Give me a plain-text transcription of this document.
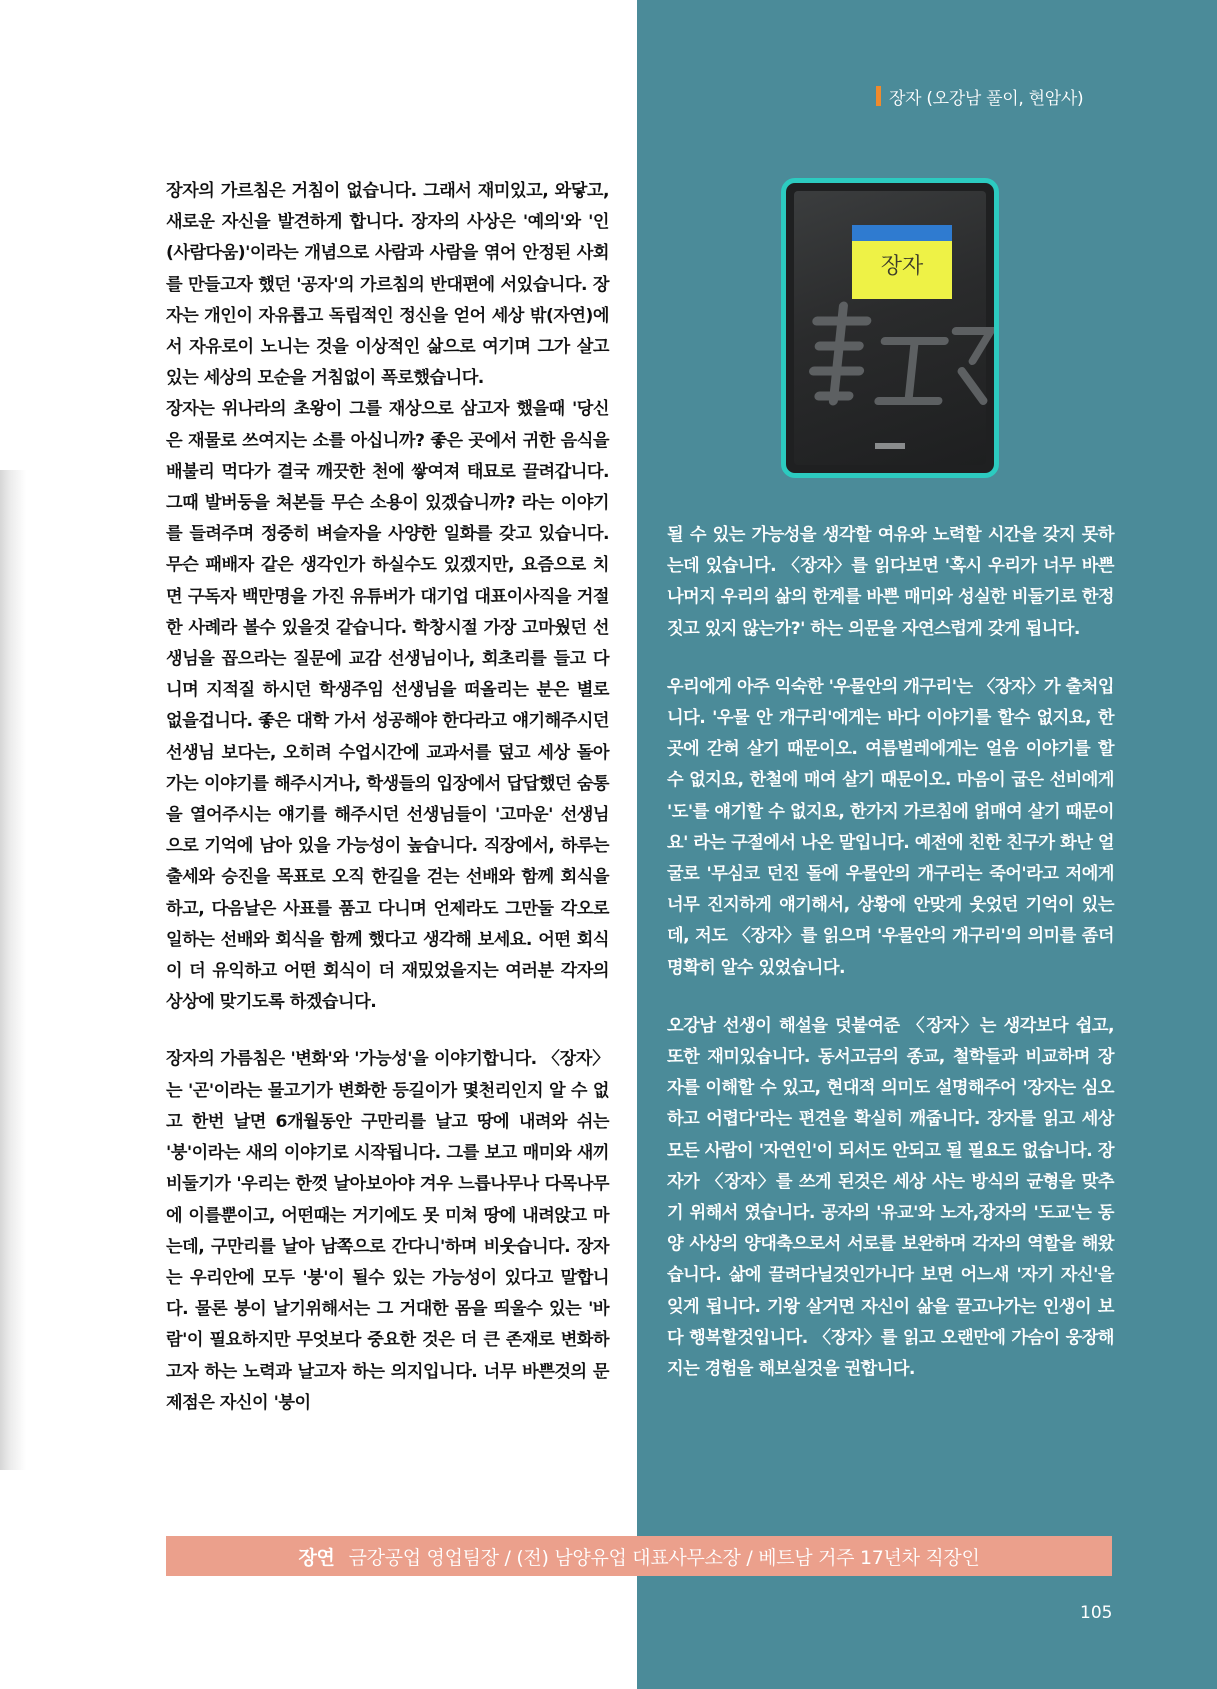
장자 (오강남 풀이, 현암사)

장자의 가르침은 거침이 없습니다. 그래서 재미있고, 와닿고, 새로운 자신을 발견하게 합니다. 장자의 사상은 '예의'와 '인(사람다움)'이라는 개념으로 사람과 사람을 엮어 안정된 사회를 만들고자 했던 '공자'의 가르침의 반대편에 서있습니다. 장자는 개인이 자유롭고 독립적인 정신을 얻어 세상 밖(자연)에서 자유로이 노니는 것을 이상적인 삶으로 여기며 그가 살고 있는 세상의 모순을 거침없이 폭로했습니다.

장자는 위나라의 초왕이 그를 재상으로 삼고자 했을때 '당신은 재물로 쓰여지는 소를 아십니까? 좋은 곳에서 귀한 음식을 배불리 먹다가 결국 깨끗한 천에 쌓여져 태묘로 끌려갑니다. 그때 발버둥을 쳐본들 무슨 소용이 있겠습니까? 라는 이야기를 들려주며 정중히 벼슬자을 사양한 일화를 갖고 있습니다. 무슨 패배자 같은 생각인가 하실수도 있겠지만, 요즘으로 치면 구독자 백만명을 가진 유튜버가 대기업 대표이사직을 거절한 사례라 볼수 있을것 같습니다. 학창시절 가장 고마웠던 선생님을 꼽으라는 질문에 교감 선생님이나, 회초리를 들고 다니며 지적질 하시던 학생주임 선생님을 떠올리는 분은 별로 없을겁니다. 좋은 대학 가서 성공해야 한다라고 얘기해주시던 선생님 보다는, 오히려 수업시간에 교과서를 덮고 세상 돌아가는 이야기를 해주시거나, 학생들의 입장에서 답답했던 숨통을 열어주시는 얘기를 해주시던 선생님들이 '고마운' 선생님으로 기억에 남아 있을 가능성이 높습니다. 직장에서, 하루는 출세와 승진을 목표로 오직 한길을 걷는 선배와 함께 회식을 하고, 다음날은 사표를 품고 다니며 언제라도 그만둘 각오로 일하는 선배와 회식을 함께 했다고 생각해 보세요. 어떤 회식이 더 유익하고 어떤 회식이 더 재밌었을지는 여러분 각자의 상상에 맞기도록 하겠습니다.

장자의 가름침은 '변화'와 '가능성'을 이야기합니다. 〈장자〉는 '곤'이라는 물고기가 변화한 등길이가 몇천리인지 알 수 없고 한번 날면 6개월동안 구만리를 날고 땅에 내려와 쉬는 '붕'이라는 새의 이야기로 시작됩니다. 그를 보고 매미와 새끼 비둘기가 '우리는 한껏 날아보아야 겨우 느릅나무나 다목나무에 이를뿐이고, 어떤때는 거기에도 못 미쳐 땅에 내려앉고 마는데, 구만리를 날아 남쪽으로 간다니'하며 비웃습니다. 장자는 우리안에 모두 '붕'이 될수 있는 가능성이 있다고 말합니다. 물론 붕이 날기위해서는 그 거대한 몸을 띄울수 있는 '바람'이 필요하지만 무엇보다 중요한 것은 더 큰 존재로 변화하고자 하는 노력과 날고자 하는 의지입니다. 너무 바쁜것의 문제점은 자신이 '붕이

장자

될 수 있는 가능성을 생각할 여유와 노력할 시간을 갖지 못하는데 있습니다. 〈장자〉를 읽다보면 '혹시 우리가 너무 바쁜 나머지 우리의 삶의 한계를 바쁜 매미와 성실한 비둘기로 한정 짓고 있지 않는가?' 하는 의문을 자연스럽게 갖게 됩니다.

우리에게 아주 익숙한 '우물안의 개구리'는 〈장자〉가 출처입니다. '우물 안 개구리'에게는 바다 이야기를 할수 없지요, 한 곳에 갇혀 살기 때문이오. 여름벌레에게는 얼음 이야기를 할 수 없지요, 한철에 매여 살기 때문이오. 마음이 굽은 선비에게 '도'를 얘기할 수 없지요, 한가지 가르침에 얽매여 살기 때문이요' 라는 구절에서 나온 말입니다. 예전에 친한 친구가 화난 얼굴로 '무심코 던진 돌에 우물안의 개구리는 죽어'라고 저에게 너무 진지하게 얘기해서, 상황에 안맞게 웃었던 기억이 있는데, 저도 〈장자〉를 읽으며 '우물안의 개구리'의 의미를 좀더 명확히 알수 있었습니다.

오강남 선생이 해설을 덧붙여준 〈장자〉는 생각보다 쉽고, 또한 재미있습니다. 동서고금의 종교, 철학들과 비교하며 장자를 이해할 수 있고, 현대적 의미도 설명해주어 '장자는 심오하고 어렵다'라는 편견을 확실히 깨줍니다. 장자를 읽고 세상 모든 사람이 '자연인'이 되서도 안되고 될 필요도 없습니다. 장자가 〈장자〉를 쓰게 된것은 세상 사는 방식의 균형을 맞추기 위해서 였습니다. 공자의 '유교'와 노자,장자의 '도교'는 동양 사상의 양대축으로서 서로를 보완하며 각자의 역할을 해왔습니다. 삶에 끌려다닐것인가니다 보면 어느새 '자기 자신'을 잊게 됩니다. 기왕 살거면 자신이 삶을 끌고나가는 인생이 보다 행복할것입니다. 〈장자〉를 읽고 오랜만에 가슴이 웅장해지는 경험을 해보실것을 권합니다.

장연 금강공업 영업팀장 / (전) 남양유업 대표사무소장 / 베트남 거주 17년차 직장인
105
